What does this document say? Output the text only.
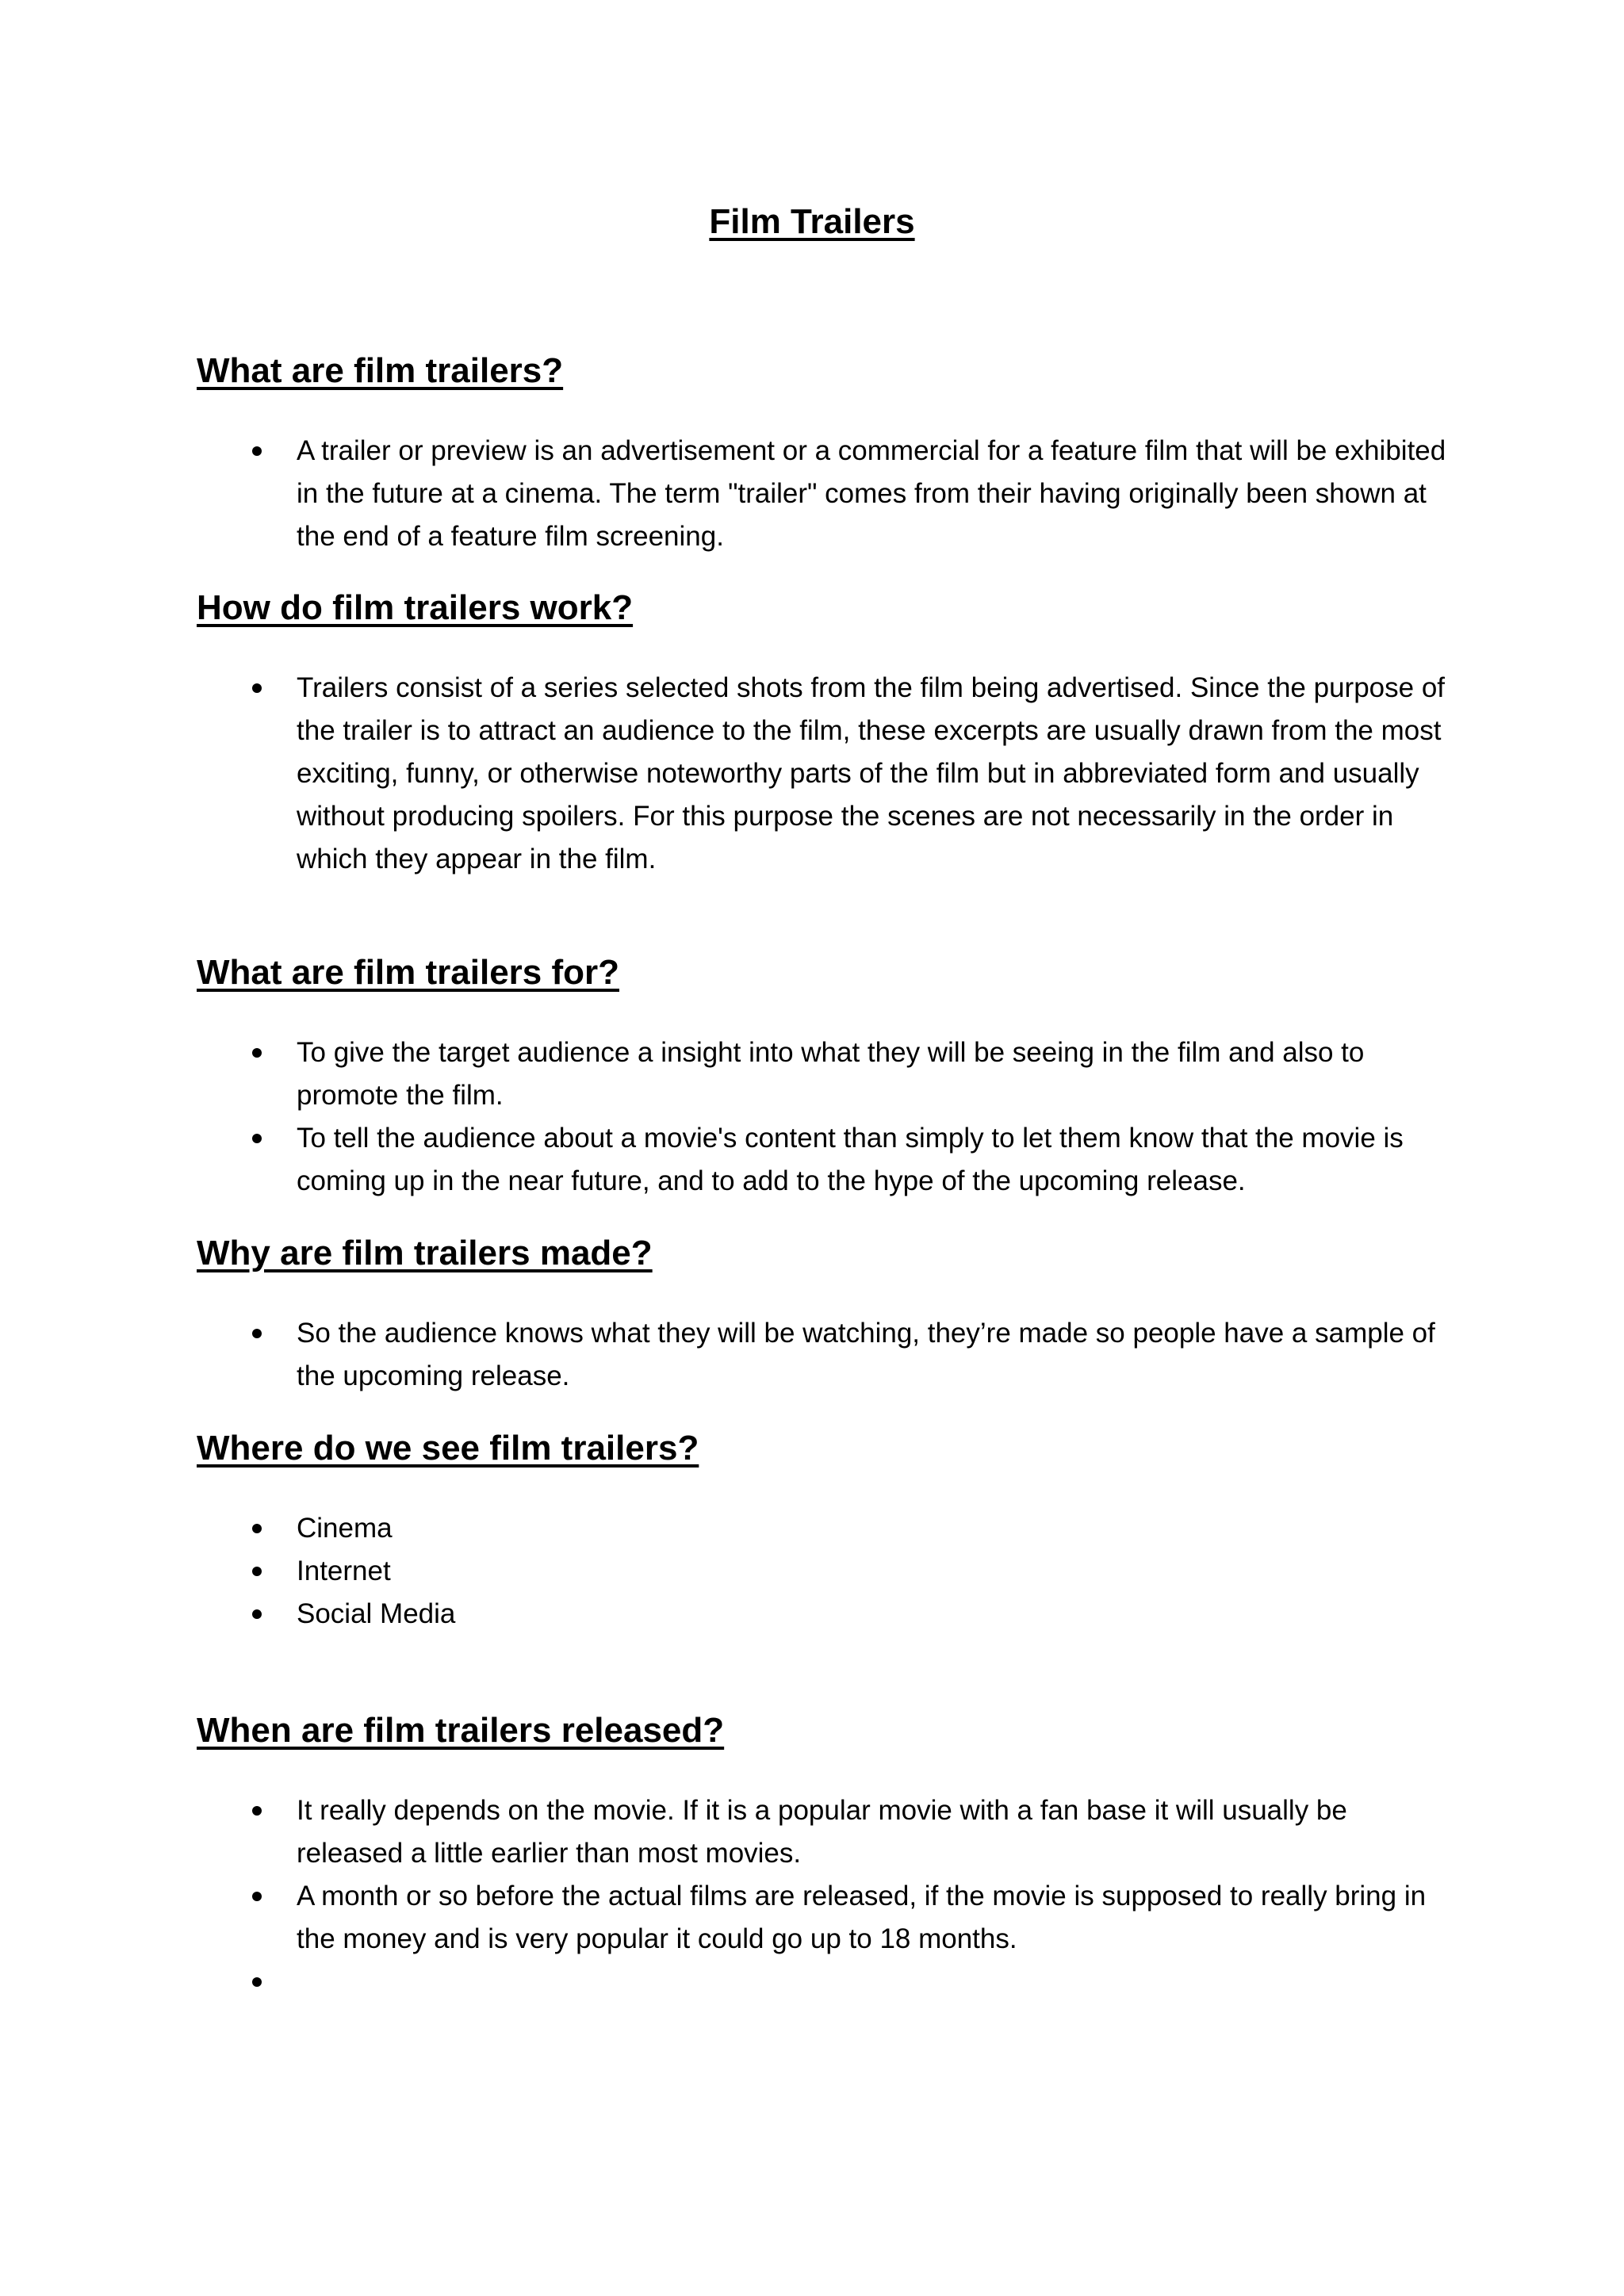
Film Trailers
What are film trailers?
A trailer or preview is an advertisement or a commercial for a feature film that will be exhibited in the future at a cinema. The term "trailer" comes from their having originally been shown at the end of a feature film screening.
How do film trailers work?
Trailers consist of a series selected shots from the film being advertised. Since the purpose of the trailer is to attract an audience to the film, these excerpts are usually drawn from the most exciting, funny, or otherwise noteworthy parts of the film but in abbreviated form and usually without producing spoilers. For this purpose the scenes are not necessarily in the order in which they appear in the film.
What are film trailers for?
To give the target audience a insight into what they will be seeing in the film and also to promote the film.
To tell the audience about a movie's content than simply to let them know that the movie is coming up in the near future, and to add to the hype of the upcoming release.
Why are film trailers made?
So the audience knows what they will be watching, they’re made so people have a sample of the upcoming release.
Where do we see film trailers?
Cinema
Internet
Social Media
When are film trailers released?
It really depends on the movie. If it is a popular movie with a fan base it will usually be released a little earlier than most movies.
A month or so before the actual films are released, if the movie is supposed to really bring in the money and is very popular it could go up to 18 months.
